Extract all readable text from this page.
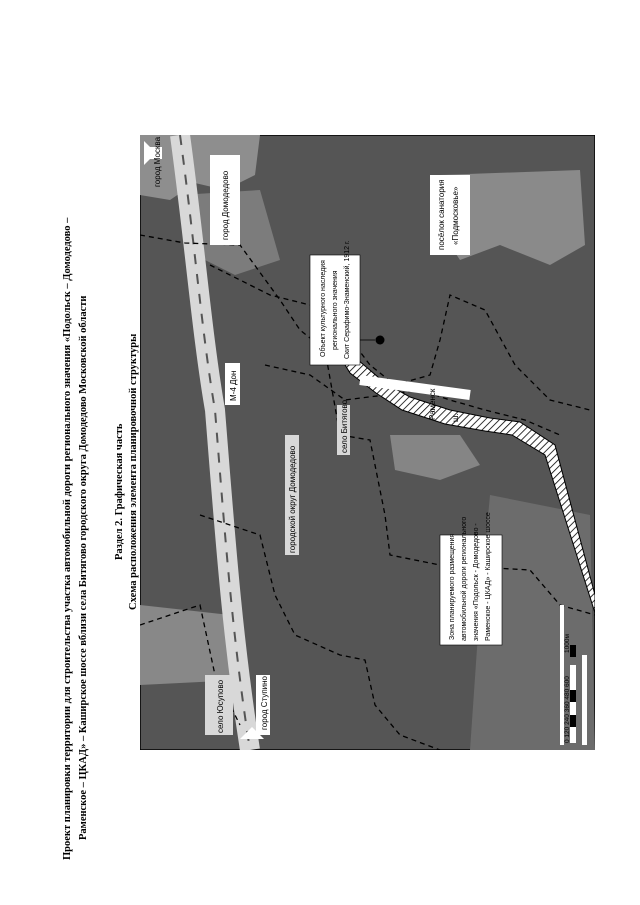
Проект планировки территории для строительства участка автомобильной дороги регионального значения «Подольск – Домодедово – Раменское – ЦКАД» – Каширское шоссе вблизи села Битягово городского округа Домодедово Московской области Раздел 2. Графическая часть Схема расположения элемента планировочной структуры
город Москва
город Ступино
М-4 Дон
Раменск ш.
Объект культурного наследия регионального значения Скит Серафимо-Знаменский, 1912 г.
город Домодедово
городской округ Домодедово
село Битягово
село Юсупово
посёлок санатория «Подмосковье»
Зона планируемого размещения автомобильной дороги регионального значения «Подольск - Домодедово - Раменское - ЦКАД» - Каширское шоссе
0 120 240 360 480 600
1000м
